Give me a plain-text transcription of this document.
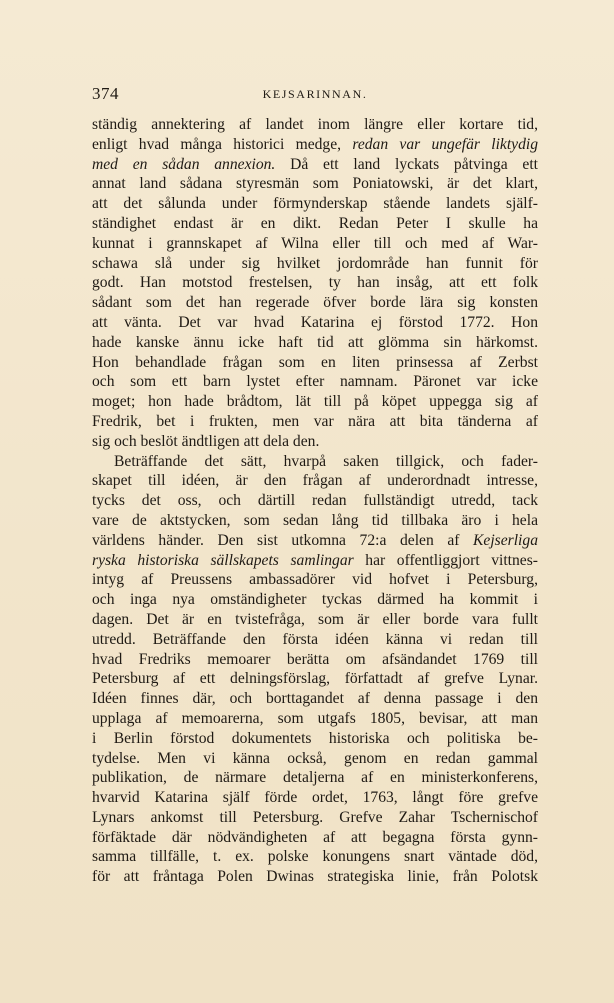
374	KEJSARINNAN.
ständig annektering af landet inom längre eller kortare tid,
enligt hvad många historici medge, redan var ungefär liktydig
med en sådan annexion. Då ett land lyckats påtvinga ett
annat land sådana styresmän som Poniatowski, är det klart,
att det sålunda under förmynderskap stående landets själf-
ständighet endast är en dikt. Redan Peter I skulle ha
kunnat i grannskapet af Wilna eller till och med af War-
schawa slå under sig hvilket jordområde han funnit för
godt. Han motstod frestelsen, ty han insåg, att ett folk
sådant som det han regerade öfver borde lära sig konsten
att vänta. Det var hvad Katarina ej förstod 1772. Hon
hade kanske ännu icke haft tid att glömma sin härkomst.
Hon behandlade frågan som en liten prinsessa af Zerbst
och som ett barn lystet efter namnam. Päronet var icke
moget; hon hade brådtom, lät till på köpet uppegga sig af
Fredrik, bet i frukten, men var nära att bita tänderna af
sig och beslöt ändtligen att dela den.
Beträffande det sätt, hvarpå saken tillgick, och fader-
skapet till idéen, är den frågan af underordnadt intresse,
tycks det oss, och därtill redan fullständigt utredd, tack
vare de aktstycken, som sedan lång tid tillbaka äro i hela
världens händer. Den sist utkomna 72:a delen af Kejserliga
ryska historiska sällskapets samlingar har offentliggjort vittnes-
intyg af Preussens ambassadörer vid hofvet i Petersburg,
och inga nya omständigheter tyckas därmed ha kommit i
dagen. Det är en tvistefråga, som är eller borde vara fullt
utredd. Beträffande den första idéen känna vi redan till
hvad Fredriks memoarer berätta om afsändandet 1769 till
Petersburg af ett delningsförslag, författadt af grefve Lynar.
Idéen finnes där, och borttagandet af denna passage i den
upplaga af memoarerna, som utgafs 1805, bevisar, att man
i Berlin förstod dokumentets historiska och politiska be-
tydelse. Men vi känna också, genom en redan gammal
publikation, de närmare detaljerna af en ministerkonferens,
hvarvid Katarina själf förde ordet, 1763, långt före grefve
Lynars ankomst till Petersburg. Grefve Zahar Tschernischof
förfäktade där nödvändigheten af att begagna första gynn-
samma tillfälle, t. ex. polske konungens snart väntade död,
för att fråntaga Polen Dwinas strategiska linie, från Polotsk
